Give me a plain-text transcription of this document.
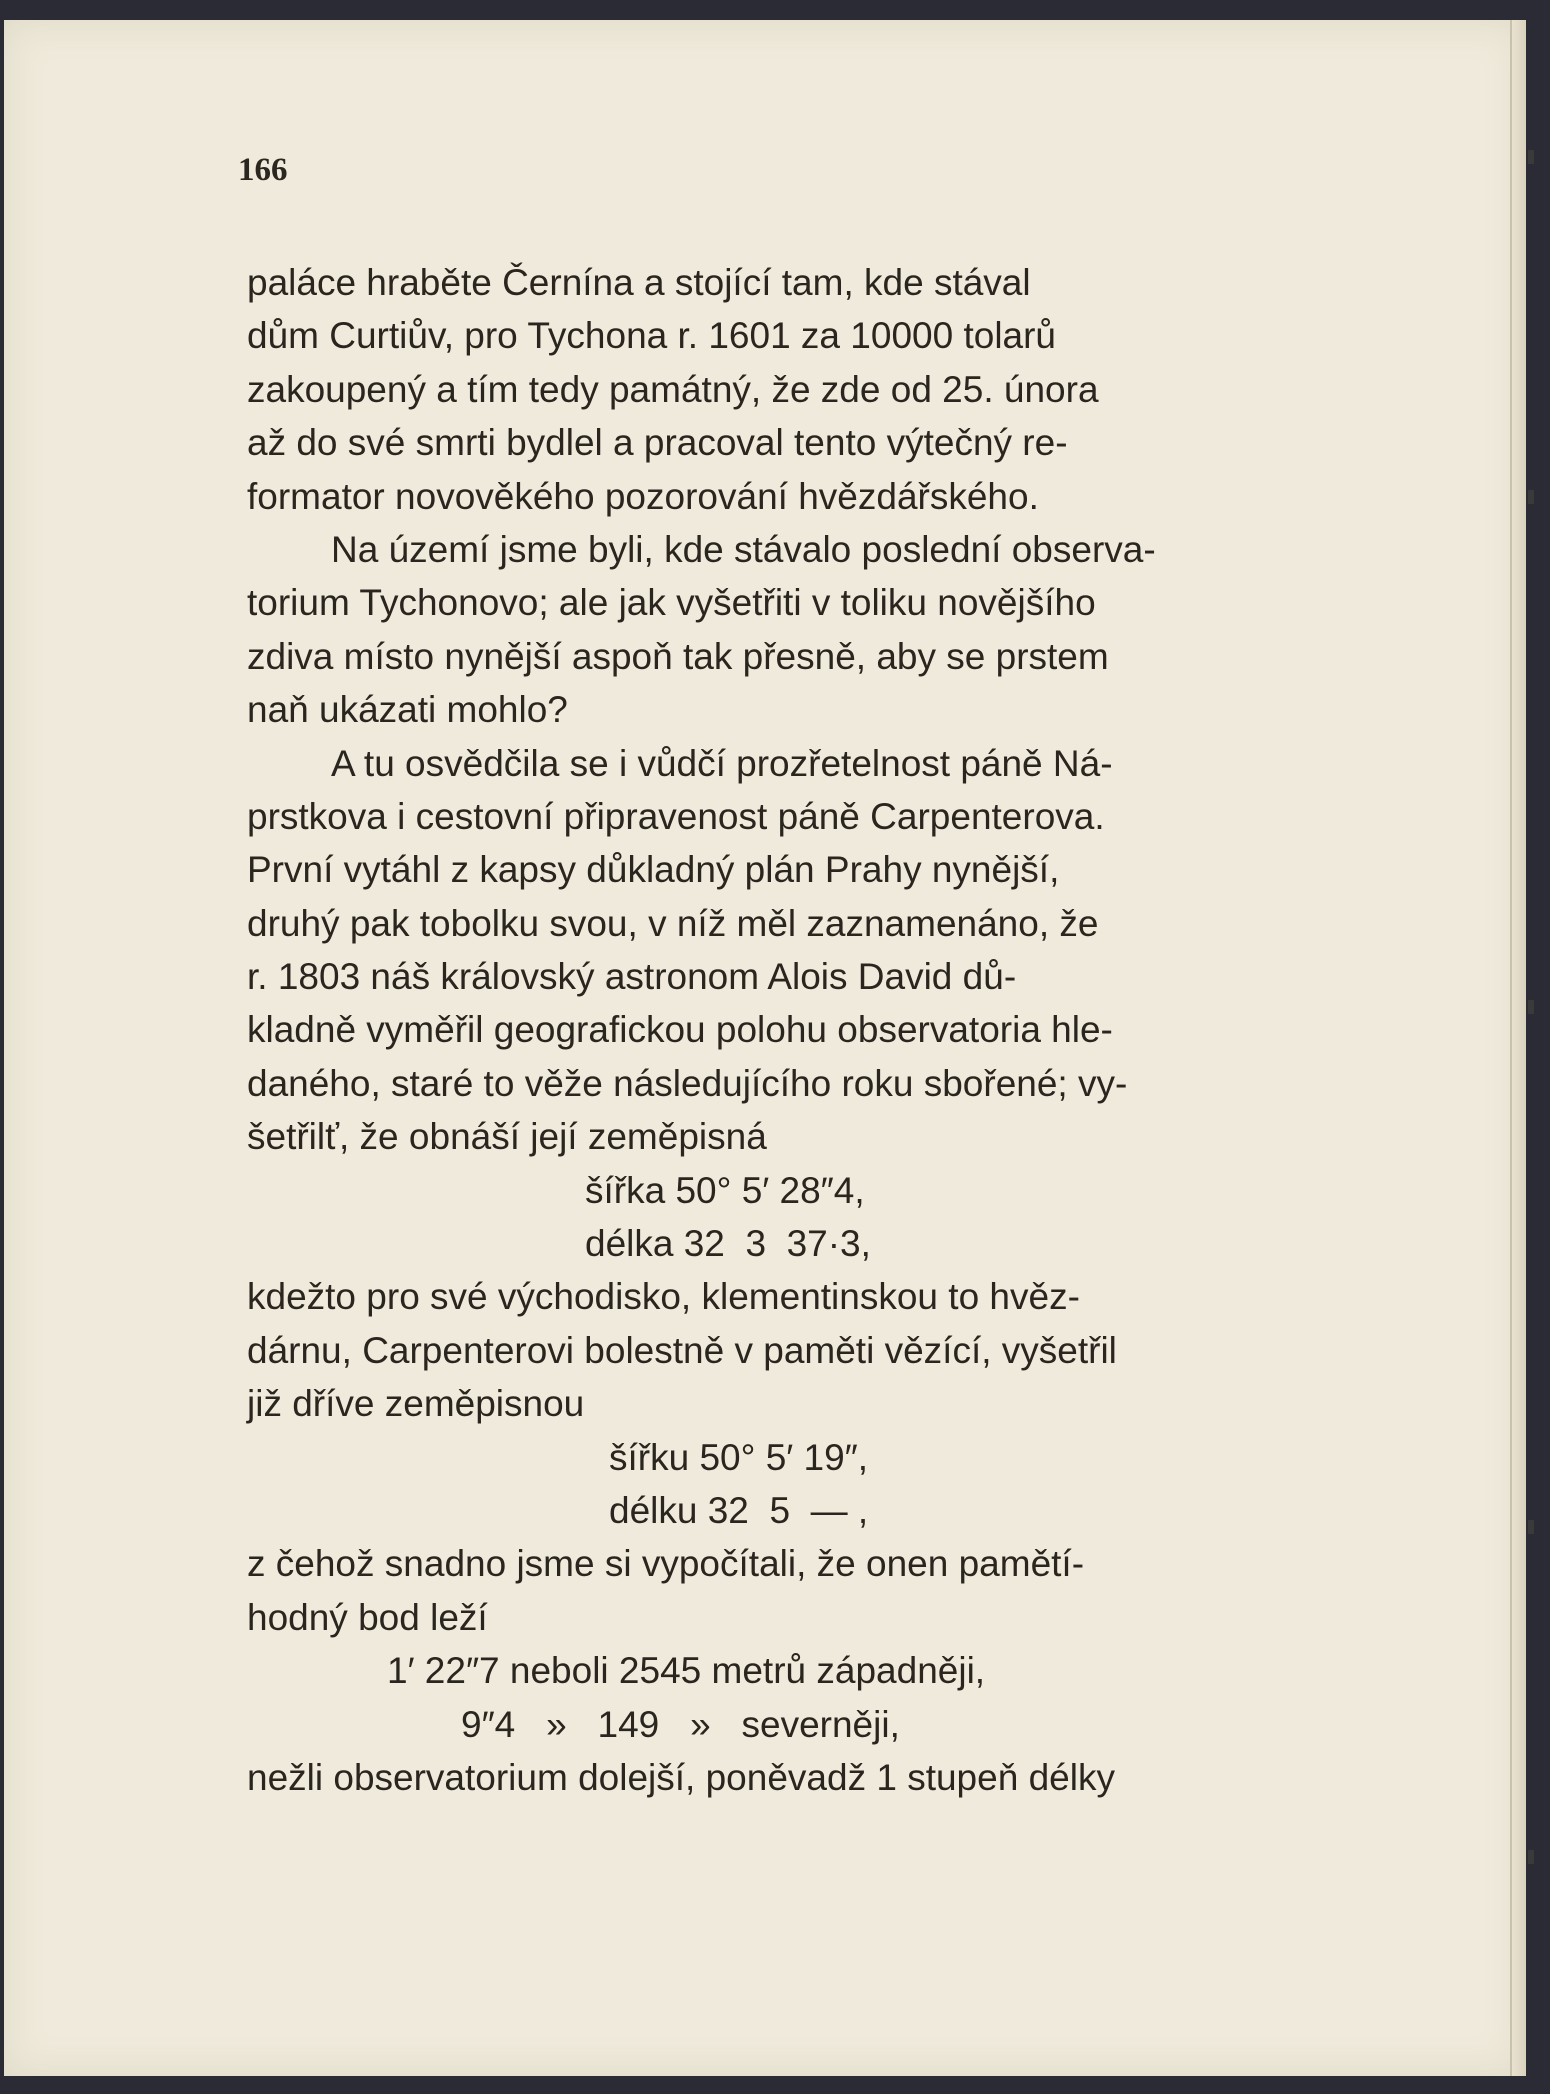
166
paláce hraběte Černína a stojící tam, kde stával
dům Curtiův, pro Tychona r. 1601 za 10000 tolarů
zakoupený a tím tedy památný, že zde od 25. února
až do své smrti bydlel a pracoval tento výtečný re-
formator novověkého pozorování hvězdářského.
Na území jsme byli, kde stávalo poslední observa-
torium Tychonovo; ale jak vyšetřiti v toliku novějšího
zdiva místo nynější aspoň tak přesně, aby se prstem
naň ukázati mohlo?
A tu osvědčila se i vůdčí prozřetelnost páně Ná-
prstkova i cestovní připravenost páně Carpenterova.
První vytáhl z kapsy důkladný plán Prahy nynější,
druhý pak tobolku svou, v níž měl zaznamenáno, že
r. 1803 náš královský astronom Alois David dů-
kladně vyměřil geografickou polohu observatoria hle-
daného, staré to věže následujícího roku sbořené; vy-
šetřilť, že obnáší její zeměpisná
šířka 50° 5′ 28″4,
délka 32  3  37·3,
kdežto pro své východisko, klementinskou to hvěz-
dárnu, Carpenterovi bolestně v paměti vězící, vyšetřil
již dříve zeměpisnou
šířku 50° 5′ 19″,
délku 32  5  — ,
z čehož snadno jsme si vypočítali, že onen pamětí-
hodný bod leží
1′ 22″7 neboli 2545 metrů západněji,
9″4   »   149   »   severněji,
nežli observatorium dolejší, poněvadž 1 stupeň délky
